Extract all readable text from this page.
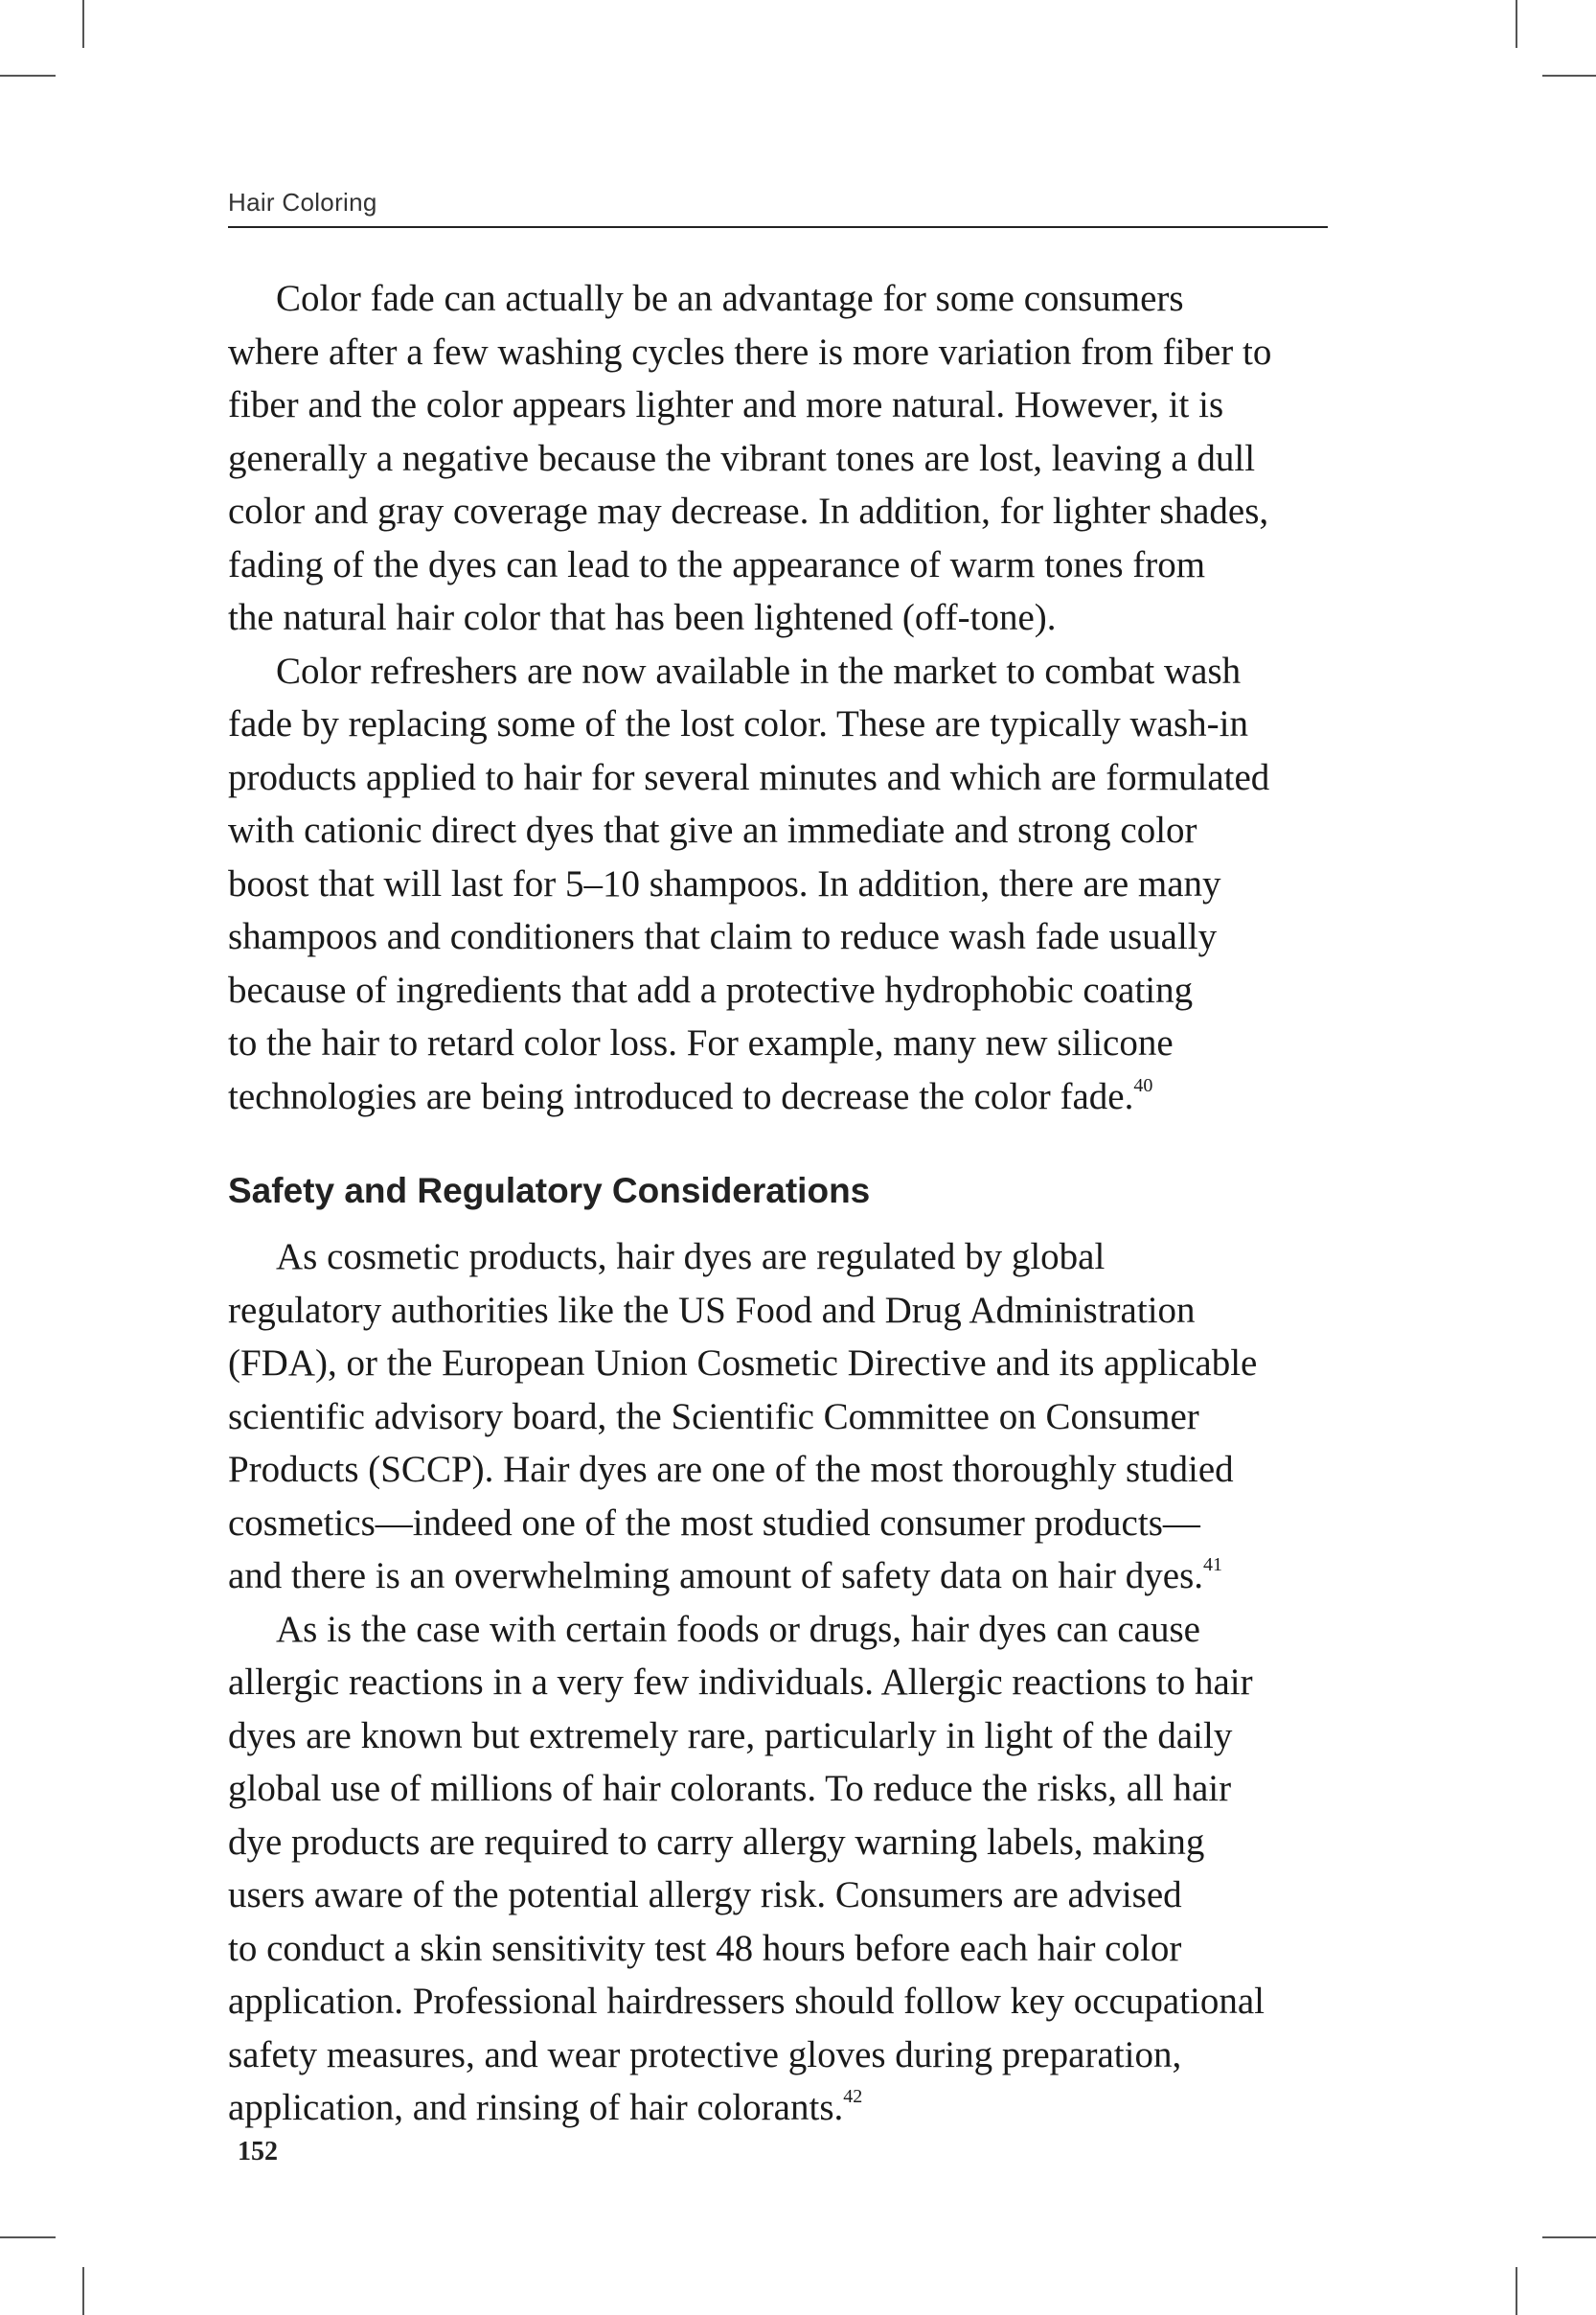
Hair Coloring
Color fade can actually be an advantage for some consumers
where after a few washing cycles there is more variation from fiber to
fiber and the color appears lighter and more natural. However, it is
generally a negative because the vibrant tones are lost, leaving a dull
color and gray coverage may decrease. In addition, for lighter shades,
fading of the dyes can lead to the appearance of warm tones from
the natural hair color that has been lightened (off-tone).
Color refreshers are now available in the market to combat wash
fade by replacing some of the lost color. These are typically wash-in
products applied to hair for several minutes and which are formulated
with cationic direct dyes that give an immediate and strong color
boost that will last for 5–10 shampoos. In addition, there are many
shampoos and conditioners that claim to reduce wash fade usually
because of ingredients that add a protective hydrophobic coating
to the hair to retard color loss. For example, many new silicone
technologies are being introduced to decrease the color fade.$^{40}$
Safety and Regulatory Considerations
As cosmetic products, hair dyes are regulated by global
regulatory authorities like the US Food and Drug Administration
(FDA), or the European Union Cosmetic Directive and its applicable
scientific advisory board, the Scientific Committee on Consumer
Products (SCCP). Hair dyes are one of the most thoroughly studied
cosmetics—indeed one of the most studied consumer products—
and there is an overwhelming amount of safety data on hair dyes.$^{41}$
As is the case with certain foods or drugs, hair dyes can cause
allergic reactions in a very few individuals. Allergic reactions to hair
dyes are known but extremely rare, particularly in light of the daily
global use of millions of hair colorants. To reduce the risks, all hair
dye products are required to carry allergy warning labels, making
users aware of the potential allergy risk. Consumers are advised
to conduct a skin sensitivity test 48 hours before each hair color
application. Professional hairdressers should follow key occupational
safety measures, and wear protective gloves during preparation,
application, and rinsing of hair colorants.$^{42}$
152
